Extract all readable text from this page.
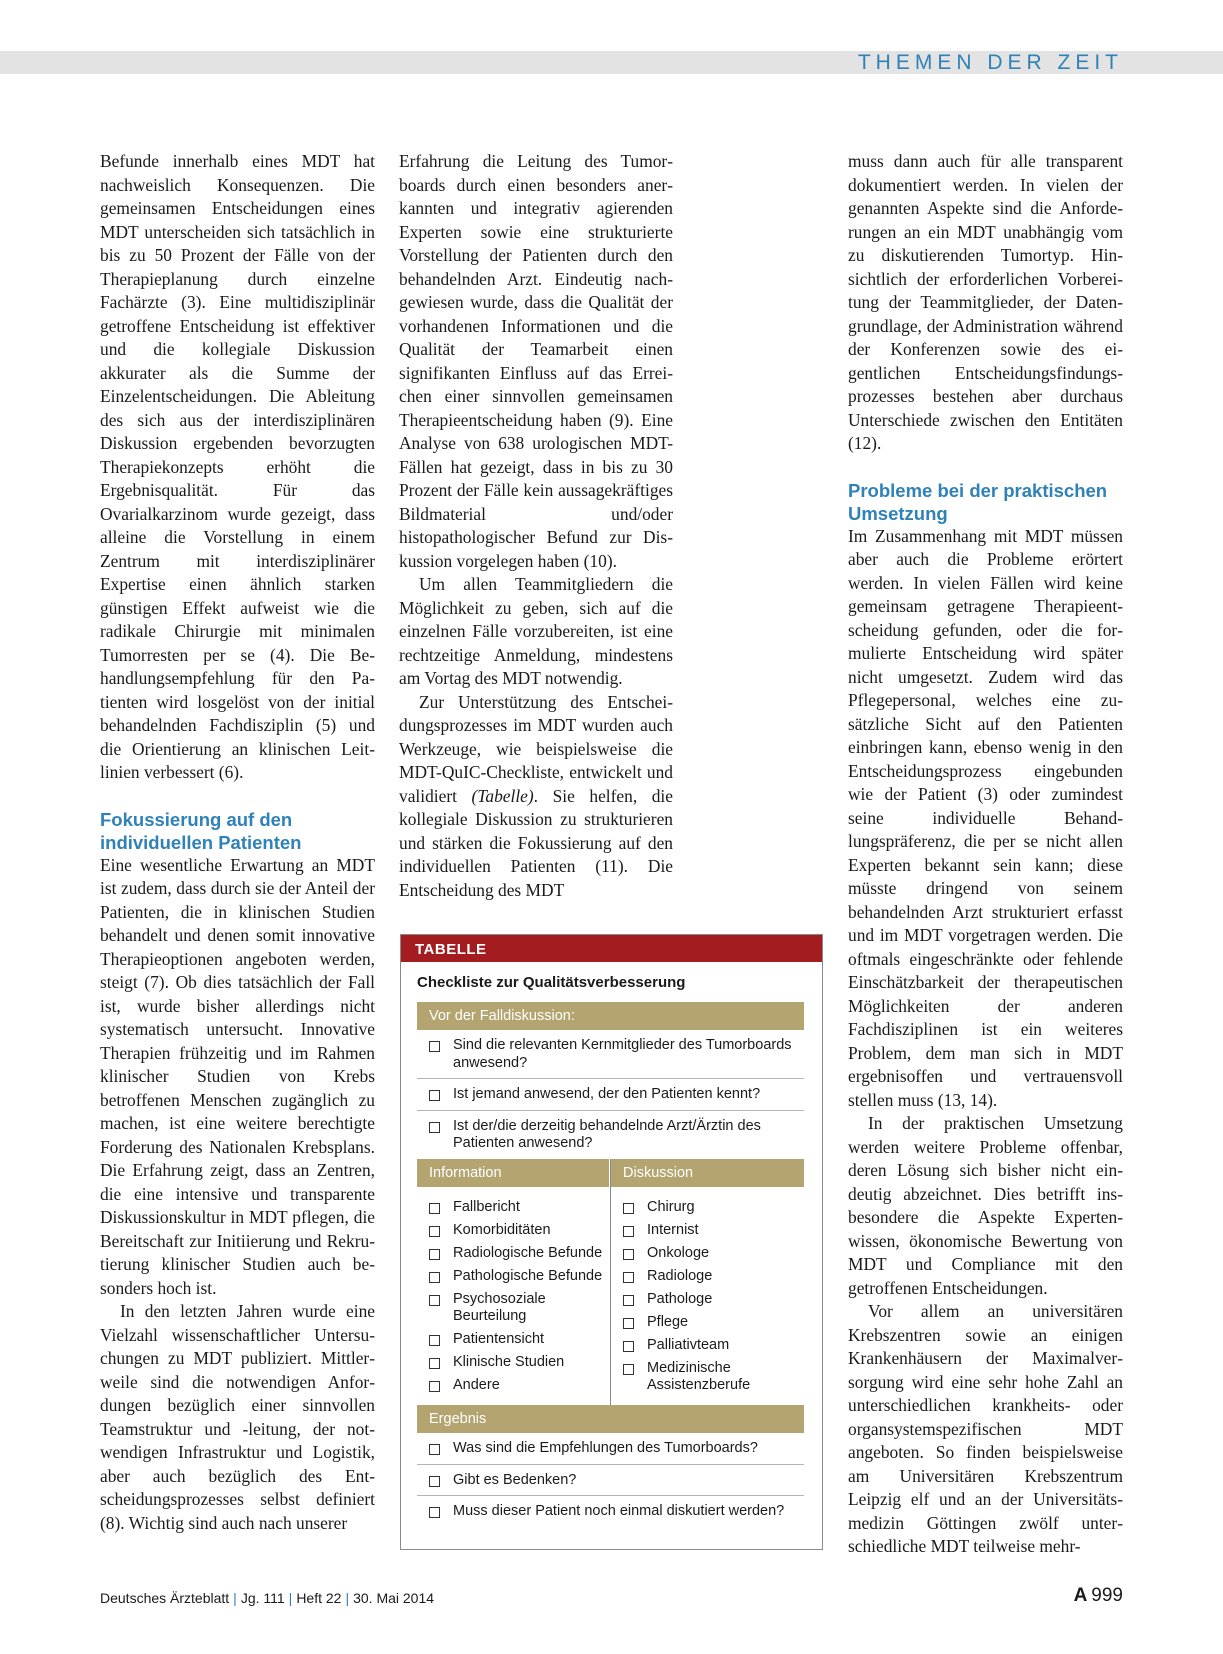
THEMEN DER ZEIT

Befunde innerhalb eines MDT hat nachweislich Konsequenzen. Die gemeinsamen Entscheidungen eines MDT unterscheiden sich tatsächlich in bis zu 50 Prozent der Fälle von der Therapieplanung durch einzelne Fachärzte (3). Eine multidisziplinär getroffene Entscheidung ist effektiver und die kollegiale Diskussion akkurater als die Summe der Einzelentscheidungen. Die Ableitung des sich aus der interdisziplinären Diskussion ergebenden bevorzugten Therapiekonzepts erhöht die Ergebnisqualität. Für das Ovarialkarzinom wurde gezeigt, dass alleine die Vorstellung in einem Zentrum mit interdisziplinärer Expertise einen ähnlich starken günstigen Effekt aufweist wie die radikale Chirurgie mit minimalen Tumorresten per se (4). Die Behandlungsempfehlung für den Patienten wird losgelöst von der initial behandelnden Fachdisziplin (5) und die Orientierung an klinischen Leitlinien verbessert (6).

Fokussierung auf den individuellen Patienten

Eine wesentliche Erwartung an MDT ist zudem, dass durch sie der Anteil der Patienten, die in klinischen Studien behandelt und denen somit innovative Therapieoptionen angeboten werden, steigt (7). Ob dies tatsächlich der Fall ist, wurde bisher allerdings nicht systematisch untersucht. Innovative Therapien frühzeitig und im Rahmen klinischer Studien von Krebs betroffenen Menschen zugänglich zu machen, ist eine weitere berechtigte Forderung des Nationalen Krebsplans. Die Erfahrung zeigt, dass an Zentren, die eine intensive und transparente Diskussionskultur in MDT pflegen, die Bereitschaft zur Initiierung und Rekrutierung klinischer Studien auch besonders hoch ist.

In den letzten Jahren wurde eine Vielzahl wissenschaftlicher Untersuchungen zu MDT publiziert. Mittlerweile sind die notwendigen Anfordungen bezüglich einer sinnvollen Teamstruktur und -leitung, der notwendigen Infrastruktur und Logistik, aber auch bezüglich des Entscheidungsprozesses selbst definiert (8). Wichtig sind auch nach unserer

Erfahrung die Leitung des Tumorboards durch einen besonders anerkannten und integrativ agierenden Experten sowie eine strukturierte Vorstellung der Patienten durch den behandelnden Arzt. Eindeutig nachgewiesen wurde, dass die Qualität der vorhandenen Informationen und die Qualität der Teamarbeit einen signifikanten Einfluss auf das Erreichen einer sinnvollen gemeinsamen Therapieentscheidung haben (9). Eine Analyse von 638 urologischen MDT-Fällen hat gezeigt, dass in bis zu 30 Prozent der Fälle kein aussagekräftiges Bildmaterial und/oder histopathologischer Befund zur Diskussion vorgelegen haben (10).

Um allen Teammitgliedern die Möglichkeit zu geben, sich auf die einzelnen Fälle vorzubereiten, ist eine rechtzeitige Anmeldung, mindestens am Vortag des MDT notwendig.

Zur Unterstützung des Entscheidungsprozesses im MDT wurden auch Werkzeuge, wie beispielsweise die MDT-QuIC-Checkliste, entwickelt und validiert (Tabelle). Sie helfen, die kollegiale Diskussion zu strukturieren und stärken die Fokussierung auf den individuellen Patienten (11). Die Entscheidung des MDT

muss dann auch für alle transparent dokumentiert werden. In vielen der genannten Aspekte sind die Anforderungen an ein MDT unabhängig vom zu diskutierenden Tumortyp. Hinsichtlich der erforderlichen Vorbereitung der Teammitglieder, der Datengrundlage, der Administration während der Konferenzen sowie des eigentlichen Entscheidungsfindungsprozesses bestehen aber durchaus Unterschiede zwischen den Entitäten (12).

Probleme bei der praktischen Umsetzung

Im Zusammenhang mit MDT müssen aber auch die Probleme erörtert werden. In vielen Fällen wird keine gemeinsam getragene Therapieentscheidung gefunden, oder die formulierte Entscheidung wird später nicht umgesetzt. Zudem wird das Pflegepersonal, welches eine zusätzliche Sicht auf den Patienten einbringen kann, ebenso wenig in den Entscheidungsprozess eingebunden wie der Patient (3) oder zumindest seine individuelle Behandlungspräferenz, die per se nicht allen Experten bekannt sein kann; diese müsste dringend von seinem behandelnden Arzt strukturiert erfasst und im MDT vorgetragen werden. Die oftmals eingeschränkte oder fehlende Einschätzbarkeit der therapeutischen Möglichkeiten der anderen Fachdisziplinen ist ein weiteres Problem, dem man sich in MDT ergebnisoffen und vertrauensvoll stellen muss (13, 14).

In der praktischen Umsetzung werden weitere Probleme offenbar, deren Lösung sich bisher nicht eindeutig abzeichnet. Dies betrifft insbesondere die Aspekte Expertenwissen, ökonomische Bewertung von MDT und Compliance mit den getroffenen Entscheidungen.

Vor allem an universitären Krebszentren sowie an einigen Krankenhäusern der Maximalversorgung wird eine sehr hohe Zahl an unterschiedlichen krankheits- oder organsystemspezifischen MDT angeboten. So finden beispielsweise am Universitären Krebszentrum Leipzig elf und an der Universitätsmedizin Göttingen zwölf unterschiedliche MDT teilweise mehr-

TABELLE
Checkliste zur Qualitätsverbesserung
Vor der Falldiskussion:
Sind die relevanten Kernmitglieder des Tumorboards anwesend?
Ist jemand anwesend, der den Patienten kennt?
Ist der/die derzeitig behandelnde Arzt/Ärztin des Patienten anwesend?
Information
Fallbericht
Komorbiditäten
Radiologische Befunde
Pathologische Befunde
Psychosoziale Beurteilung
Patientensicht
Klinische Studien
Andere
Diskussion
Chirurg
Internist
Onkologe
Radiologe
Pathologe
Pflege
Palliativteam
Medizinische Assistenzberufe
Ergebnis
Was sind die Empfehlungen des Tumorboards?
Gibt es Bedenken?
Muss dieser Patient noch einmal diskutiert werden?
Deutsches Ärzteblatt | Jg. 111 | Heft 22 | 30. Mai 2014	A 999
